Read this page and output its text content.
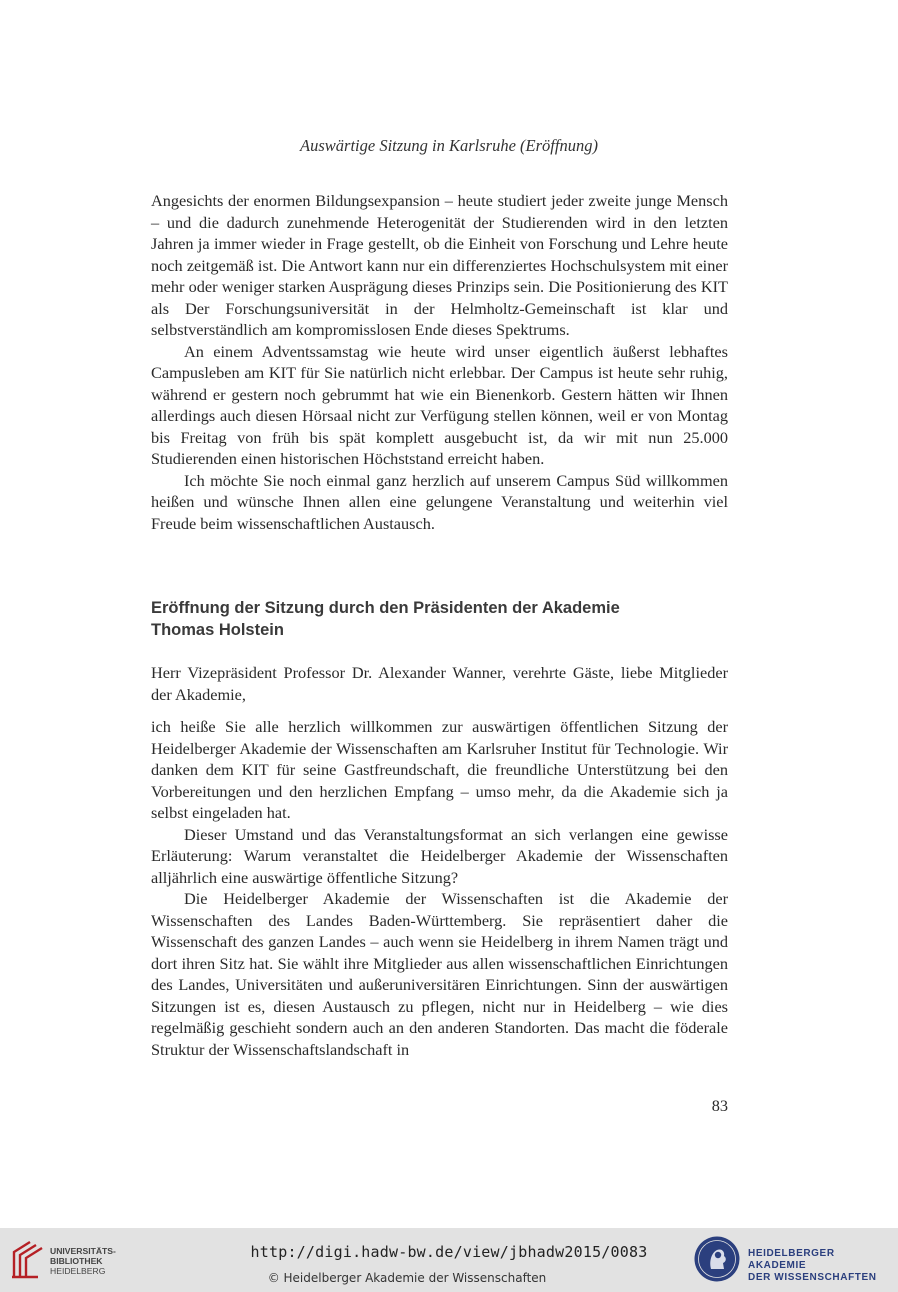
Auswärtige Sitzung in Karlsruhe (Eröffnung)

Angesichts der enormen Bildungsexpansion – heute studiert jeder zweite junge Mensch – und die dadurch zunehmende Heterogenität der Studierenden wird in den letzten Jahren ja immer wieder in Frage gestellt, ob die Einheit von Forschung und Lehre heute noch zeitgemäß ist. Die Antwort kann nur ein differenziertes Hochschulsystem mit einer mehr oder weniger starken Ausprägung dieses Prinzips sein. Die Positionierung des KIT als Der Forschungsuniversität in der Helmholtz-Gemeinschaft ist klar und selbstverständlich am kompromisslosen Ende dieses Spektrums.

An einem Adventssamstag wie heute wird unser eigentlich äußerst lebhaftes Campusleben am KIT für Sie natürlich nicht erlebbar. Der Campus ist heute sehr ruhig, während er gestern noch gebrummt hat wie ein Bienenkorb. Gestern hätten wir Ihnen allerdings auch diesen Hörsaal nicht zur Verfügung stellen können, weil er von Montag bis Freitag von früh bis spät komplett ausgebucht ist, da wir mit nun 25.000 Studierenden einen historischen Höchststand erreicht haben.

Ich möchte Sie noch einmal ganz herzlich auf unserem Campus Süd willkommen heißen und wünsche Ihnen allen eine gelungene Veranstaltung und weiterhin viel Freude beim wissenschaftlichen Austausch.

Eröffnung der Sitzung durch den Präsidenten der Akademie
Thomas Holstein

Herr Vizepräsident Professor Dr. Alexander Wanner, verehrte Gäste, liebe Mitglieder der Akademie,

ich heiße Sie alle herzlich willkommen zur auswärtigen öffentlichen Sitzung der Heidelberger Akademie der Wissenschaften am Karlsruher Institut für Technologie. Wir danken dem KIT für seine Gastfreundschaft, die freundliche Unterstützung bei den Vorbereitungen und den herzlichen Empfang – umso mehr, da die Akademie sich ja selbst eingeladen hat.

Dieser Umstand und das Veranstaltungsformat an sich verlangen eine gewisse Erläuterung: Warum veranstaltet die Heidelberger Akademie der Wissenschaften alljährlich eine auswärtige öffentliche Sitzung?

Die Heidelberger Akademie der Wissenschaften ist die Akademie der Wissenschaften des Landes Baden-Württemberg. Sie repräsentiert daher die Wissenschaft des ganzen Landes – auch wenn sie Heidelberg in ihrem Namen trägt und dort ihren Sitz hat. Sie wählt ihre Mitglieder aus allen wissenschaftlichen Einrichtungen des Landes, Universitäten und außeruniversitären Einrichtungen. Sinn der auswärtigen Sitzungen ist es, diesen Austausch zu pflegen, nicht nur in Heidelberg – wie dies regelmäßig geschieht sondern auch an den anderen Standorten. Das macht die föderale Struktur der Wissenschaftslandschaft in

83
UNIVERSITÄTS-
BIBLIOTHEK
HEIDELBERG
http://digi.hadw-bw.de/view/jbhadw2015/0083
© Heidelberger Akademie der Wissenschaften
HEIDELBERGER AKADEMIE
DER WISSENSCHAFTEN
